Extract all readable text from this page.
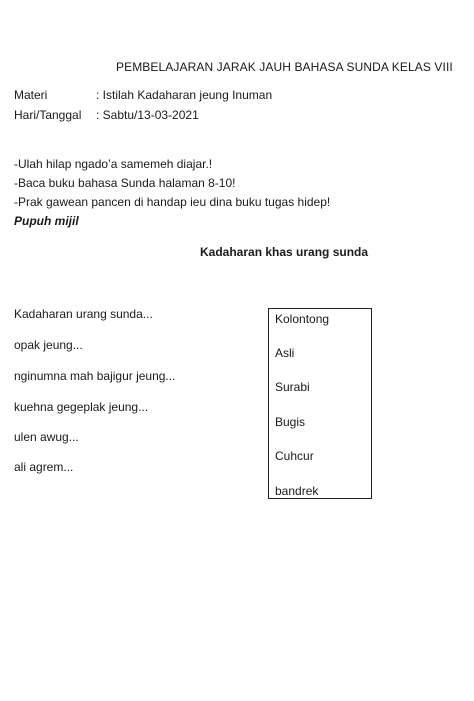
PEMBELAJARAN JARAK JAUH BAHASA SUNDA KELAS VIII
Materi	: Istilah Kadaharan jeung Inuman
Hari/Tanggal : Sabtu/13-03-2021
-Ulah hilap ngado’a samemeh diajar.!
-Baca buku bahasa Sunda halaman 8-10!
-Prak gawean pancen di handap ieu dina buku tugas hidep!
Pupuh mijil
Kadaharan khas urang sunda
Kadaharan urang sunda...
opak jeung...
nginumna mah bajigur jeung...
kuehna gegeplak jeung...
ulen awug...
ali agrem...
Kolontong
Asli
Surabi
Bugis
Cuhcur
bandrek
